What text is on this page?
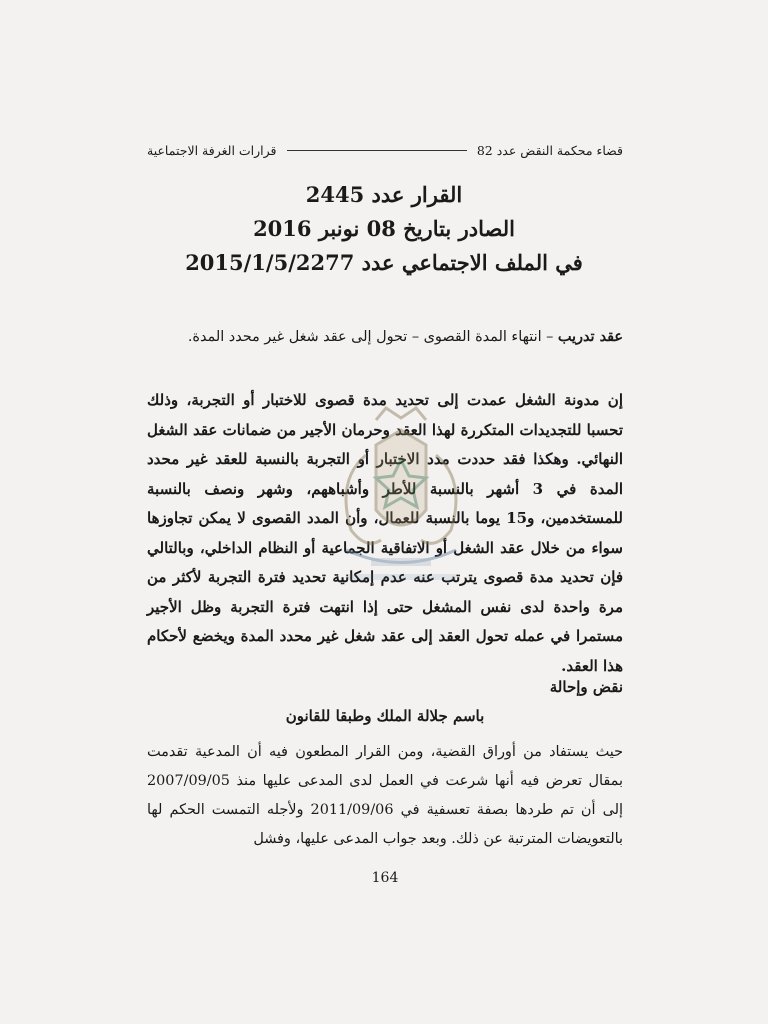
قضاء محكمة النقض عدد 82
قرارات الغرفة الاجتماعية
القرار عدد 2445
الصادر بتاريخ 08 نونبر 2016
في الملف الاجتماعي عدد 2015/1/5/2277
عقد تدريب – انتهاء المدة القصوى – تحول إلى عقد شغل غير محدد المدة.
إن مدونة الشغل عمدت إلى تحديد مدة قصوى للاختبار أو التجربة، وذلك تحسبا للتجديدات المتكررة لهذا العقد وحرمان الأجير من ضمانات عقد الشغل النهائي. وهكذا فقد حددت مدد الاختبار أو التجربة بالنسبة للعقد غير محدد المدة في 3 أشهر بالنسبة للأطر وأشباههم، وشهر ونصف بالنسبة للمستخدمين، و15 يوما بالنسبة للعمال، وأن المدد القصوى لا يمكن تجاوزها سواء من خلال عقد الشغل أو الاتفاقية الجماعية أو النظام الداخلي، وبالتالي فإن تحديد مدة قصوى يترتب عنه عدم إمكانية تحديد فترة التجربة لأكثر من مرة واحدة لدى نفس المشغل حتى إذا انتهت فترة التجربة وظل الأجير مستمرا في عمله تحول العقد إلى عقد شغل غير محدد المدة ويخضع لأحكام هذا العقد.
نقض وإحالة
باسم جلالة الملك وطبقا للقانون
حيث يستفاد من أوراق القضية، ومن القرار المطعون فيه أن المدعية تقدمت بمقال تعرض فيه أنها شرعت في العمل لدى المدعى عليها منذ 2007/09/05 إلى أن تم طردها بصفة تعسفية في 2011/09/06 ولأجله التمست الحكم لها بالتعويضات المترتبة عن ذلك. وبعد جواب المدعى عليها، وفشل
164
